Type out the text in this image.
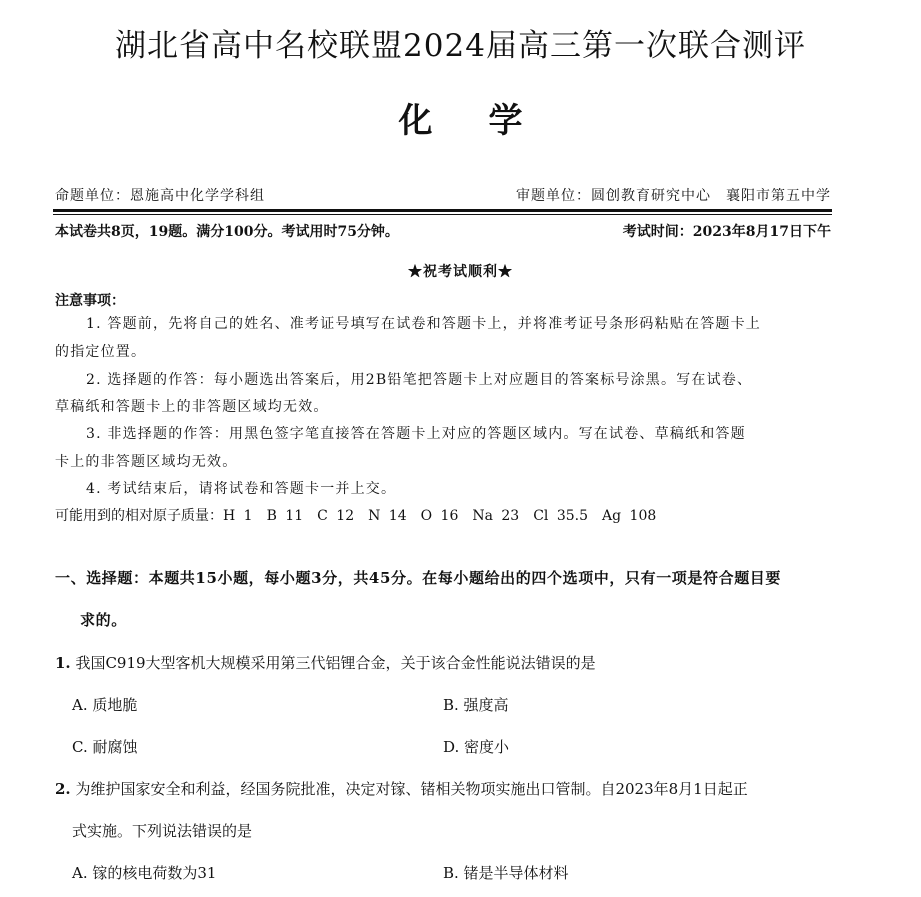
湖北省高中名校联盟2024届高三第一次联合测评
化学
命题单位：恩施高中化学学科组	审题单位：圆创教育研究中心　襄阳市第五中学
本试卷共8页，19题。满分100分。考试用时75分钟。	考试时间：2023年8月17日下午
★祝考试顺利★
注意事项：
1. 答题前，先将自己的姓名、准考证号填写在试卷和答题卡上，并将准考证号条形码粘贴在答题卡上
的指定位置。
2. 选择题的作答：每小题选出答案后，用2B铅笔把答题卡上对应题目的答案标号涂黑。写在试卷、
草稿纸和答题卡上的非答题区域均无效。
3. 非选择题的作答：用黑色签字笔直接答在答题卡上对应的答题区域内。写在试卷、草稿纸和答题
卡上的非答题区域均无效。
4. 考试结束后，请将试卷和答题卡一并上交。
可能用到的相对原子质量：H 1　B 11　C 12　N 14　O 16　Na 23　Cl 35.5　Ag 108
一、选择题：本题共15小题，每小题3分，共45分。在每小题给出的四个选项中，只有一项是符合题目要
求的。
1. 我国C919大型客机大规模采用第三代铝锂合金，关于该合金性能说法错误的是
A. 质地脆	B. 强度高
C. 耐腐蚀	D. 密度小
2. 为维护国家安全和利益，经国务院批准，决定对镓、锗相关物项实施出口管制。自2023年8月1日起正
式实施。下列说法错误的是
A. 镓的核电荷数为31	B. 锗是半导体材料
